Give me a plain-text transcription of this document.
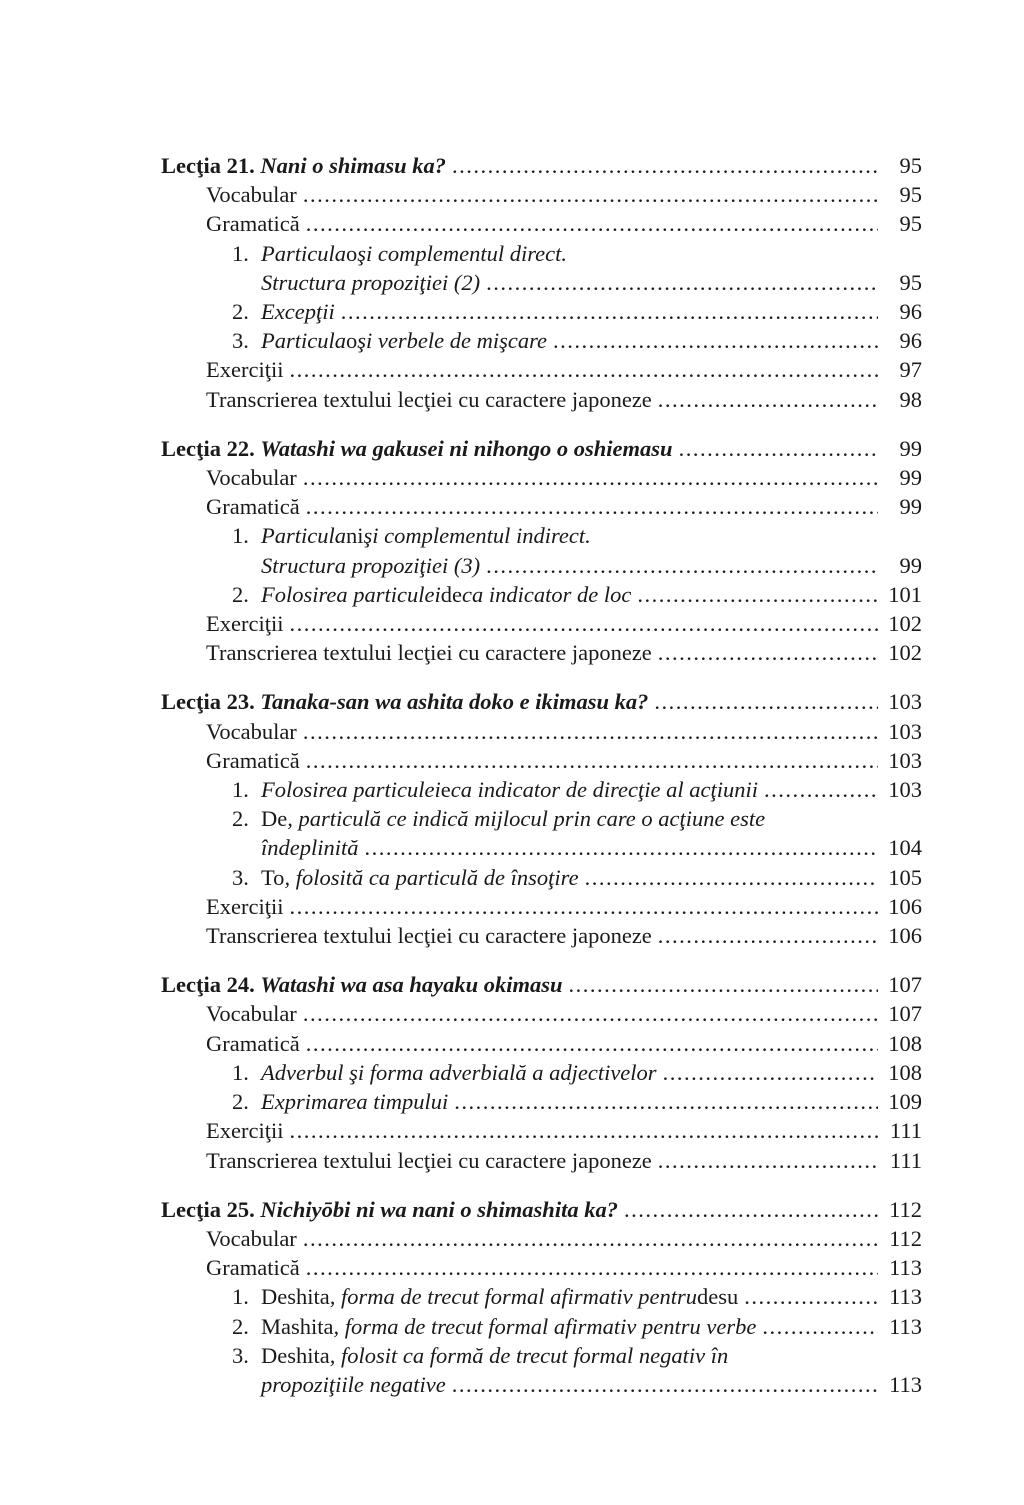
Lecţia 21. Nani o shimasu ka? .....	95
Vocabular .....	95
Gramatică .....	95
1. Particula o şi complementul direct.
Structura propoziţiei (2) .....	95
2. Excepţii .....	96
3. Particula o şi verbele de mişcare .....	96
Exerciţii .....	97
Transcrierea textului lecţiei cu caractere japoneze .....	98
Lecţia 22. Watashi wa gakusei ni nihongo o oshiemasu .....	99
Vocabular .....	99
Gramatică .....	99
1. Particula ni şi complementul indirect.
Structura propoziţiei (3) .....	99
2. Folosirea particulei de ca indicator de loc .....	101
Exerciţii .....	102
Transcrierea textului lecţiei cu caractere japoneze .....	102
Lecţia 23. Tanaka-san wa ashita doko e ikimasu ka? .....	103
Vocabular .....	103
Gramatică .....	103
1. Folosirea particulei e ca indicator de direcţie al acţiunii .....	103
2. De , particulă ce indică mijlocul prin care o acţiune este
îndeplinită .....	104
3. To , folosită ca particulă de însoţire .....	105
Exerciţii .....	106
Transcrierea textului lecţiei cu caractere japoneze .....	106
Lecţia 24. Watashi wa asa hayaku okimasu .....	107
Vocabular .....	107
Gramatică .....	108
1. Adverbul şi forma adverbială a adjectivelor .....	108
2. Exprimarea timpului .....	109
Exerciţii .....	111
Transcrierea textului lecţiei cu caractere japoneze .....	111
Lecţia 25. Nichiyōbi ni wa nani o shimashita ka? .....	112
Vocabular .....	112
Gramatică .....	113
1. Deshita , forma de trecut formal afirmativ pentru desu .....	113
2. Mashita , forma de trecut formal afirmativ pentru verbe .....	113
3. Deshita , folosit ca formă de trecut formal negativ în
propoziţiile negative .....	113
